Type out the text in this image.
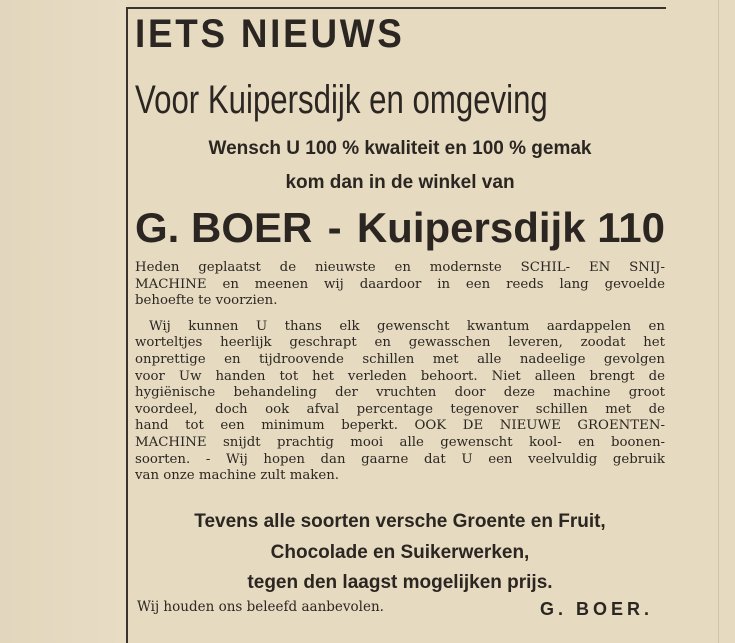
IETS NIEUWS
Voor Kuipersdijk en omgeving
Wensch U 100 % kwaliteit en 100 % gemak
kom dan in de winkel van
G. BOER - Kuipersdijk 110
Heden geplaatst de nieuwste en modernste SCHIL- EN SNIJ-
MACHINE en meenen wij daardoor in een reeds lang gevoelde
behoefte te voorzien.
Wij kunnen U thans elk gewenscht kwantum aardappelen en
worteltjes heerlijk geschrapt en gewasschen leveren, zoodat het
onprettige en tijdroovende schillen met alle nadeelige gevolgen
voor Uw handen tot het verleden behoort. Niet alleen brengt de
hygiënische behandeling der vruchten door deze machine groot
voordeel, doch ook afval percentage tegenover schillen met de
hand tot een minimum beperkt. OOK DE NIEUWE GROENTEN-
MACHINE snijdt prachtig mooi alle gewenscht kool- en boonen-
soorten. - Wij hopen dan gaarne dat U een veelvuldig gebruik
van onze machine zult maken.
Tevens alle soorten versche Groente en Fruit,
Chocolade en Suikerwerken,
tegen den laagst mogelijken prijs.
Wij houden ons beleefd aanbevolen.	G. BOER.
